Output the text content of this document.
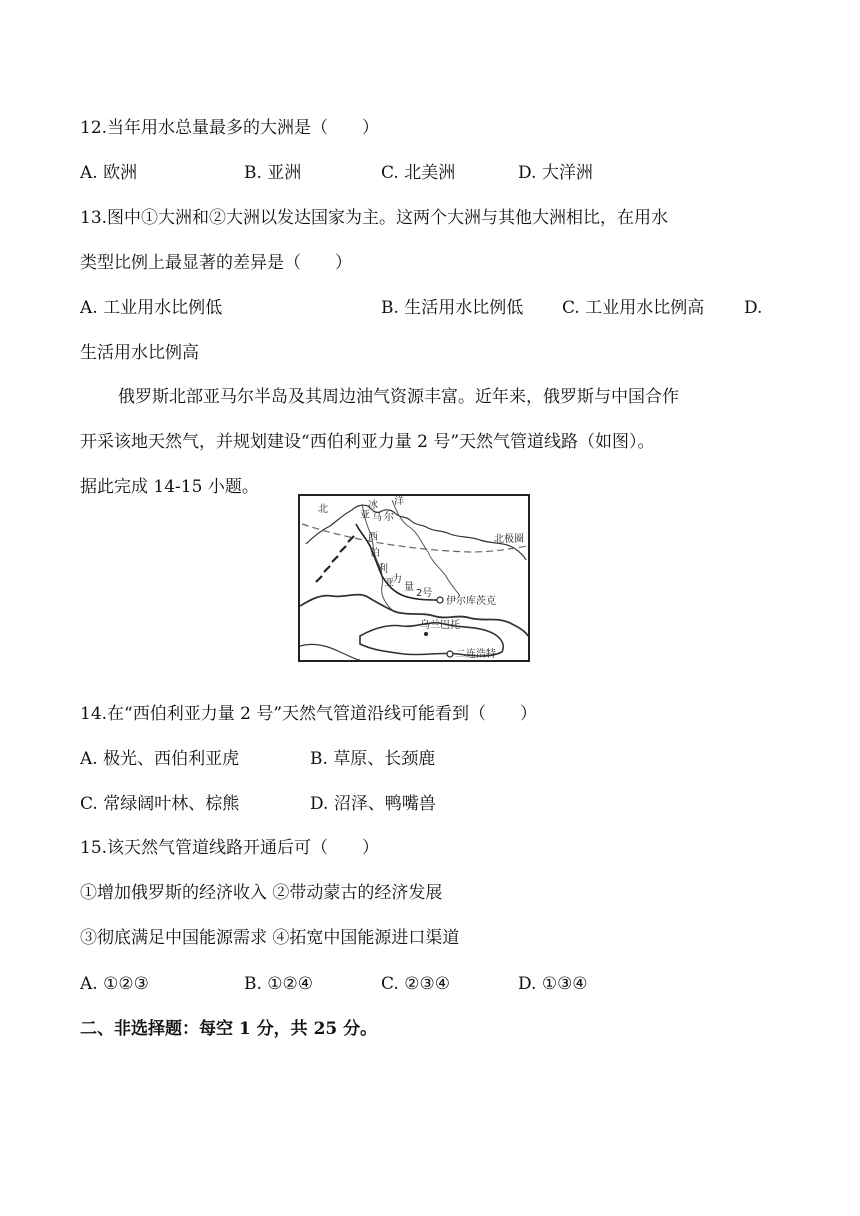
12.当年用水总量最多的大洲是（　　）
A. 欧洲	B. 亚洲	C. 北美洲	D. 大洋洲
13.图中①大洲和②大洲以发达国家为主。这两个大洲与其他大洲相比，在用水
类型比例上最显著的差异是（　　）
A. 工业用水比例低	B. 生活用水比例低 C. 工业用水比例高 D.
生活用水比例高
俄罗斯北部亚马尔半岛及其周边油气资源丰富。近年来，俄罗斯与中国合作
开采该地天然气，并规划建设“西伯利亚力量 2 号”天然气管道线路（如图）。
据此完成 14-15 小题。
北	冰 洋
亚 马 尔
西
伯
利
亚
力
量
2号
北极圈
伊尔库茨克
乌兰巴托
二连浩特
14.在“西伯利亚力量 2 号”天然气管道沿线可能看到（　　）
A. 极光、西伯利亚虎	B. 草原、长颈鹿
C. 常绿阔叶林、棕熊	D. 沼泽、鸭嘴兽
15.该天然气管道线路开通后可（　　）
①增加俄罗斯的经济收入 ②带动蒙古的经济发展
③彻底满足中国能源需求 ④拓宽中国能源进口渠道
A. ①②③	B. ①②④	C. ②③④	D. ①③④
二、非选择题：每空 1 分，共 25 分。
